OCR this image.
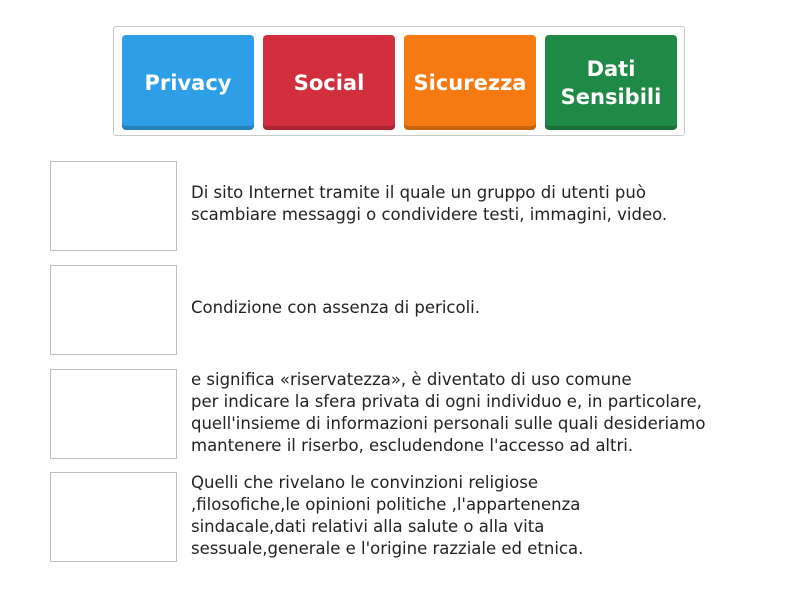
Privacy	Social Sicurezza
Dati
Sensibili
Di sito Internet tramite il quale un gruppo di utenti può
scambiare messaggi o condividere testi, immagini, video.
Condizione con assenza di pericoli.
e significa «riservatezza», è diventato di uso comune
per indicare la sfera privata di ogni individuo e, in particolare,
quell'insieme di informazioni personali sulle quali desideriamo
mantenere il riserbo, escludendone l'accesso ad altri.
Quelli che rivelano le convinzioni religiose
,filosofiche,le opinioni politiche ,l'appartenenza
sindacale,dati relativi alla salute o alla vita
sessuale,generale e l'origine razziale ed etnica.
